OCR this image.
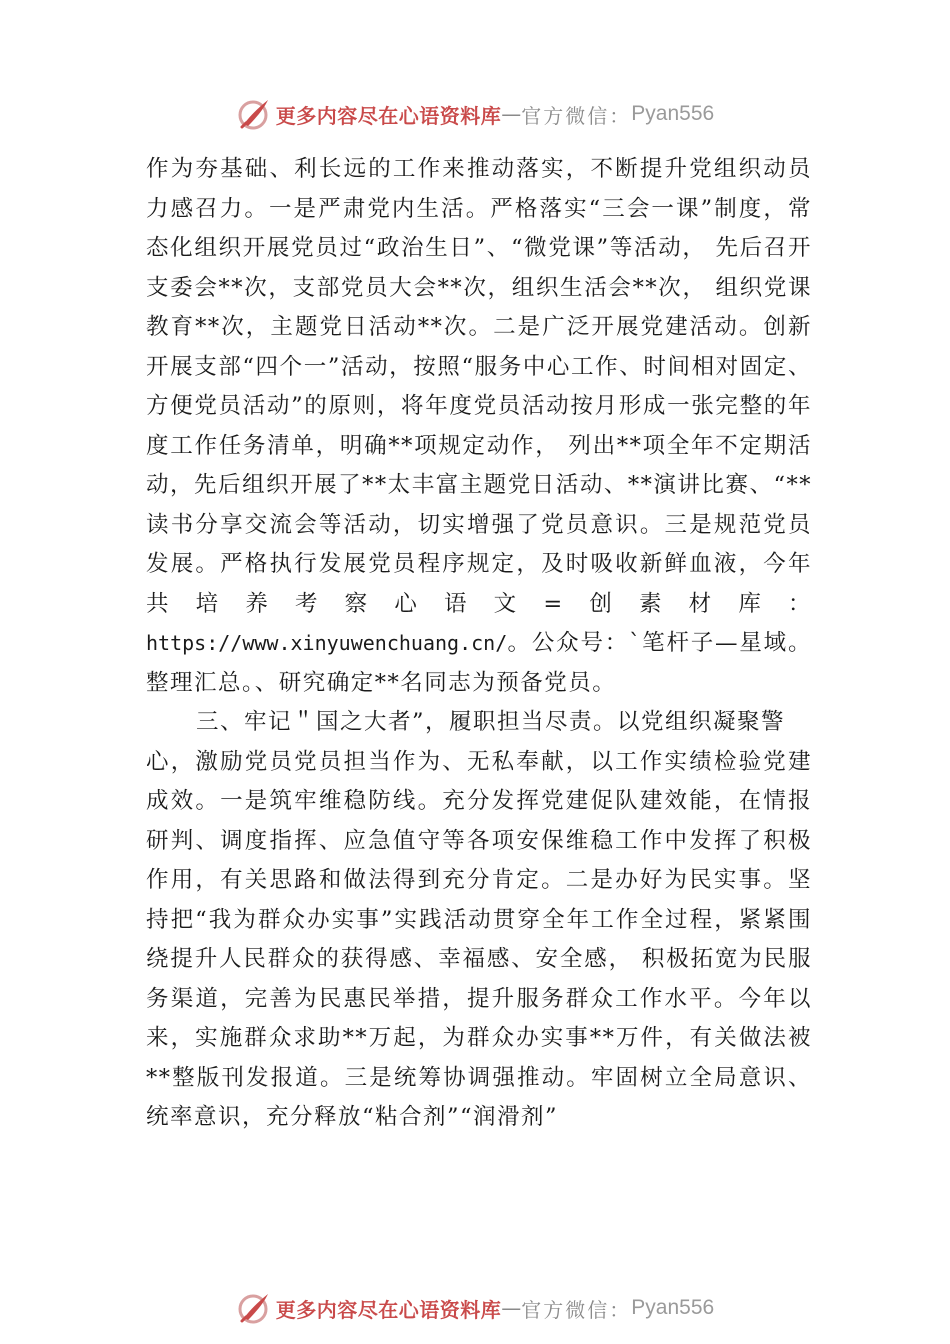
更多内容尽在心语资料库 — 官方微信： Pyan556

作为夯基础、利长远的工作来推动落实，不断提升党组织动员力感召力。一是严肃党内生活。严格落实“三会一课”制度，常态化组织开展党员过“政治生日”、“微党课”等活动， 先后召开支委会**次，支部党员大会**次，组织生活会**次， 组织党课教育**次，主题党日活动**次。二是广泛开展党建活动。创新开展支部“四个一”活动，按照“服务中心工作、时间相对固定、方便党员活动”的原则，将年度党员活动按月形成一张完整的年度工作任务清单，明确**项规定动作， 列出**项全年不定期活动，先后组织开展了**太丰富主题党日活动、**演讲比赛、“**读书分享交流会等活动，切实增强了党员意识。三是规范党员发展。严格执行发展党员程序规定，及时吸收新鲜血液，今年共培养考察心语文=创素材库：https://www.xinyuwenchuang.cn/。公众号：`笔杆子—星域。整理汇总。、研究确定**名同志为预备党员。

三、牢记＂国之大者”，履职担当尽责。以党组织凝聚警

心，激励党员党员担当作为、无私奉献，以工作实绩检验党建成效。一是筑牢维稳防线。充分发挥党建促队建效能，在情报研判、调度指挥、应急值守等各项安保维稳工作中发挥了积极作用，有关思路和做法得到充分肯定。二是办好为民实事。坚持把“我为群众办实事”实践活动贯穿全年工作全过程，紧紧围绕提升人民群众的获得感、幸福感、安全感， 积极拓宽为民服务渠道，完善为民惠民举措，提升服务群众工作水平。今年以来，实施群众求助**万起，为群众办实事**万件，有关做法被**整版刊发报道。三是统筹协调强推动。牢固树立全局意识、统率意识，充分释放“粘合剂”“润滑剂”

更多内容尽在心语资料库 — 官方微信： Pyan556
